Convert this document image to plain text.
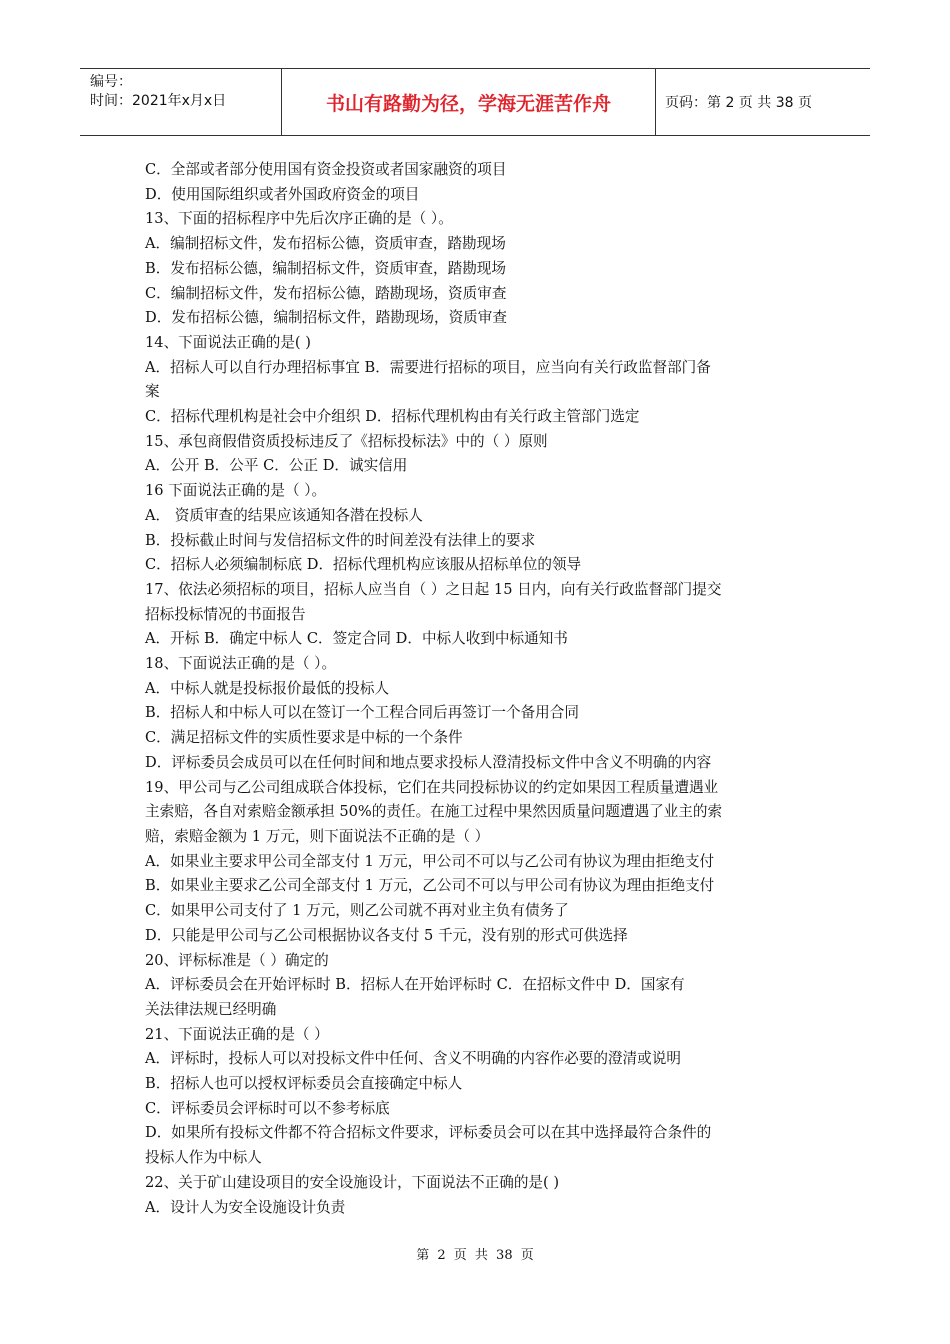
编号：
时间：2021年x月x日	书山有路勤为径，学海无涯苦作舟	页码：第 2 页 共 38 页
C．全部或者部分使用国有资金投资或者国家融资的项目
D．使用国际组织或者外国政府资金的项目
13、下面的招标程序中先后次序正确的是（ ）。
A．编制招标文件，发布招标公德，资质审查，踏勘现场
B．发布招标公德，编制招标文件，资质审查，踏勘现场
C．编制招标文件，发布招标公德，踏勘现场，资质审查
D．发布招标公德，编制招标文件，踏勘现场，资质审查
14、下面说法正确的是( )
A．招标人可以自行办理招标事宜 B．需要进行招标的项目，应当向有关行政监督部门备
案
C．招标代理机构是社会中介组织 D．招标代理机构由有关行政主管部门选定
15、承包商假借资质投标违反了《招标投标法》中的（ ）原则
A．公开 B．公平 C．公正 D．诚实信用
16 下面说法正确的是（ ）。
A． 资质审查的结果应该通知各潜在投标人
B．投标截止时间与发信招标文件的时间差没有法律上的要求
C．招标人必须编制标底 D．招标代理机构应该服从招标单位的领导
17、依法必须招标的项目，招标人应当自（ ）之日起 15 日内，向有关行政监督部门提交
招标投标情况的书面报告
A．开标 B．确定中标人 C．签定合同 D．中标人收到中标通知书
18、下面说法正确的是（ ）。
A．中标人就是投标报价最低的投标人
B．招标人和中标人可以在签订一个工程合同后再签订一个备用合同
C．满足招标文件的实质性要求是中标的一个条件
D．评标委员会成员可以在任何时间和地点要求投标人澄清投标文件中含义不明确的内容
19、甲公司与乙公司组成联合体投标，它们在共同投标协议的约定如果因工程质量遭遇业
主索赔，各自对索赔金额承担 50%的责任。在施工过程中果然因质量问题遭遇了业主的索
赔，索赔金额为 1 万元，则下面说法不正确的是（ ）
A．如果业主要求甲公司全部支付 1 万元，甲公司不可以与乙公司有协议为理由拒绝支付
B．如果业主要求乙公司全部支付 1 万元，乙公司不可以与甲公司有协议为理由拒绝支付
C．如果甲公司支付了 1 万元，则乙公司就不再对业主负有债务了
D．只能是甲公司与乙公司根据协议各支付 5 千元，没有别的形式可供选择
20、评标标准是（ ）确定的
A．评标委员会在开始评标时 B．招标人在开始评标时 C．在招标文件中 D．国家有
关法律法规已经明确
21、下面说法正确的是（ ）
A．评标时，投标人可以对投标文件中任何、含义不明确的内容作必要的澄清或说明
B．招标人也可以授权评标委员会直接确定中标人
C．评标委员会评标时可以不参考标底
D．如果所有投标文件都不符合招标文件要求，评标委员会可以在其中选择最符合条件的
投标人作为中标人
22、关于矿山建设项目的安全设施设计，下面说法不正确的是( )
A．设计人为安全设施设计负责
第 2 页 共 38 页
